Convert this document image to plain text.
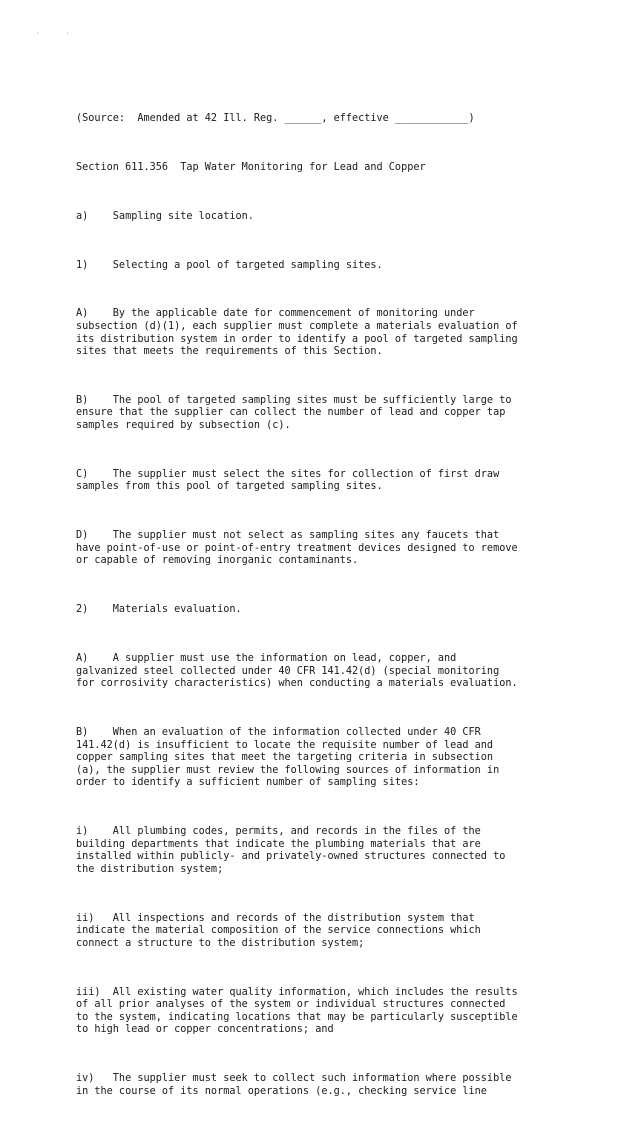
··

(Source:  Amended at 42 Ill. Reg. ______, effective ____________)

Section 611.356  Tap Water Monitoring for Lead and Copper

a)    Sampling site location.

1)    Selecting a pool of targeted sampling sites.

A)    By the applicable date for commencement of monitoring under
subsection (d)(1), each supplier must complete a materials evaluation of
its distribution system in order to identify a pool of targeted sampling
sites that meets the requirements of this Section.

B)    The pool of targeted sampling sites must be sufficiently large to
ensure that the supplier can collect the number of lead and copper tap
samples required by subsection (c).

C)    The supplier must select the sites for collection of first draw
samples from this pool of targeted sampling sites.

D)    The supplier must not select as sampling sites any faucets that
have point-of-use or point-of-entry treatment devices designed to remove
or capable of removing inorganic contaminants.

2)    Materials evaluation.

A)    A supplier must use the information on lead, copper, and
galvanized steel collected under 40 CFR 141.42(d) (special monitoring
for corrosivity characteristics) when conducting a materials evaluation.

B)    When an evaluation of the information collected under 40 CFR
141.42(d) is insufficient to locate the requisite number of lead and
copper sampling sites that meet the targeting criteria in subsection
(a), the supplier must review the following sources of information in
order to identify a sufficient number of sampling sites:

i)    All plumbing codes, permits, and records in the files of the
building departments that indicate the plumbing materials that are
installed within publicly- and privately-owned structures connected to
the distribution system;

ii)   All inspections and records of the distribution system that
indicate the material composition of the service connections which
connect a structure to the distribution system;

iii)  All existing water quality information, which includes the results
of all prior analyses of the system or individual structures connected
to the system, indicating locations that may be particularly susceptible
to high lead or copper concentrations; and

iv)   The supplier must seek to collect such information where possible
in the course of its normal operations (e.g., checking service line
